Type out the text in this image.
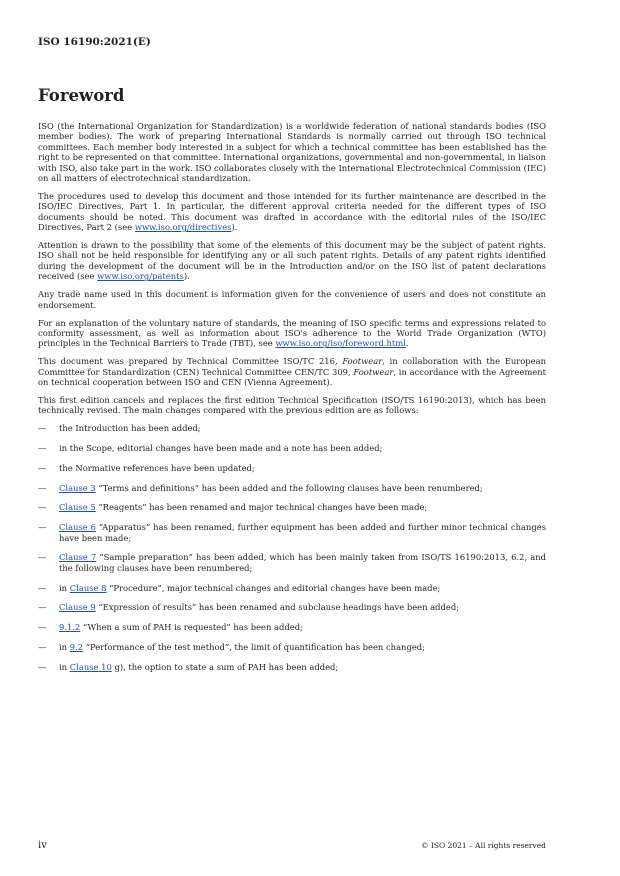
ISO 16190:2021(E)
Foreword

ISO (the International Organization for Standardization) is a worldwide federation of national standards bodies (ISO member bodies). The work of preparing International Standards is normally carried out through ISO technical committees. Each member body interested in a subject for which a technical committee has been established has the right to be represented on that committee. International organizations, governmental and non-governmental, in liaison with ISO, also take part in the work. ISO collaborates closely with the International Electrotechnical Commission (IEC) on all matters of electrotechnical standardization.

The procedures used to develop this document and those intended for its further maintenance are described in the ISO/IEC Directives, Part 1. In particular, the different approval criteria needed for the different types of ISO documents should be noted. This document was drafted in accordance with the editorial rules of the ISO/IEC Directives, Part 2 (see www.iso.org/directives).

Attention is drawn to the possibility that some of the elements of this document may be the subject of patent rights. ISO shall not be held responsible for identifying any or all such patent rights. Details of any patent rights identified during the development of the document will be in the Introduction and/or on the ISO list of patent declarations received (see www.iso.org/patents).

Any trade name used in this document is information given for the convenience of users and does not constitute an endorsement.

For an explanation of the voluntary nature of standards, the meaning of ISO specific terms and expressions related to conformity assessment, as well as information about ISO's adherence to the World Trade Organization (WTO) principles in the Technical Barriers to Trade (TBT), see www.iso.org/iso/foreword.html.

This document was prepared by Technical Committee ISO/TC 216, Footwear, in collaboration with the European Committee for Standardization (CEN) Technical Committee CEN/TC 309, Footwear, in accordance with the Agreement on technical cooperation between ISO and CEN (Vienna Agreement).

This first edition cancels and replaces the first edition Technical Specification (ISO/TS 16190:2013), which has been technically revised. The main changes compared with the previous edition are as follows:

—	the Introduction has been added;
—	in the Scope, editorial changes have been made and a note has been added;
—	the Normative references have been updated;
—	Clause 3 “Terms and definitions” has been added and the following clauses have been renumbered;
—	Clause 5 “Reagents” has been renamed and major technical changes have been made;
—	Clause 6 “Apparatus” has been renamed, further equipment has been added and further minor technical changes have been made;
—	Clause 7 “Sample preparation” has been added, which has been mainly taken from ISO/TS 16190:2013, 6.2, and the following clauses have been renumbered;
—	in Clause 8 “Procedure”, major technical changes and editorial changes have been made;
—	Clause 9 “Expression of results” has been renamed and subclause headings have been added;
—	9.1.2 “When a sum of PAH is requested” has been added;
—	in 9.2 “Performance of the test method”, the limit of quantification has been changed;
—	in Clause 10 g), the option to state a sum of PAH has been added;
iv	© ISO 2021 – All rights reserved
